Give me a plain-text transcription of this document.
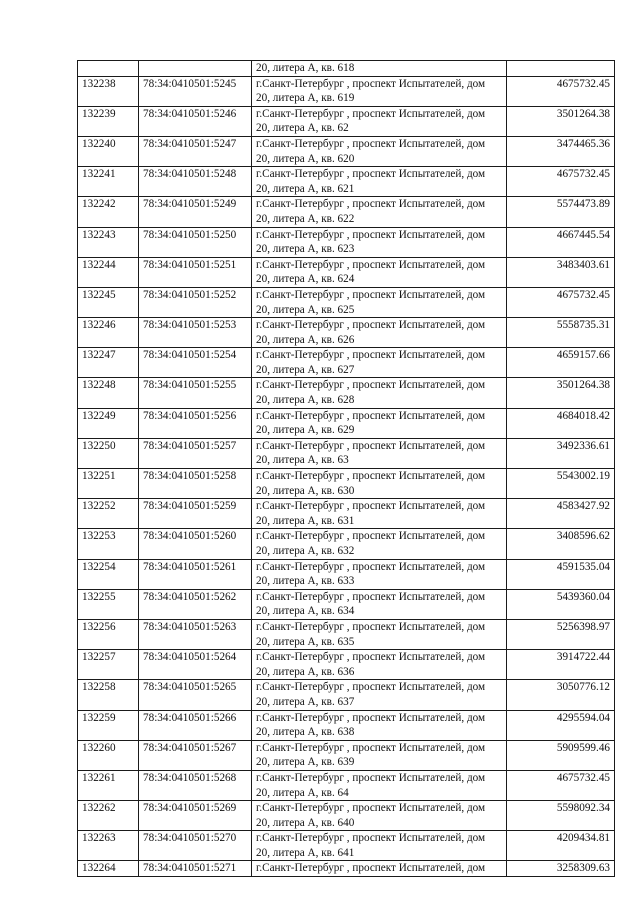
		20, литера А, кв. 618	

132238	78:34:0410501:5245	г.Санкт-Петербург , проспект Испытателей, дом
20, литера А, кв. 619	4675732.45
132239	78:34:0410501:5246	г.Санкт-Петербург , проспект Испытателей, дом
20, литера А, кв. 62	3501264.38
132240	78:34:0410501:5247	г.Санкт-Петербург , проспект Испытателей, дом
20, литера А, кв. 620	3474465.36
132241	78:34:0410501:5248	г.Санкт-Петербург , проспект Испытателей, дом
20, литера А, кв. 621	4675732.45
132242	78:34:0410501:5249	г.Санкт-Петербург , проспект Испытателей, дом
20, литера А, кв. 622	5574473.89
132243	78:34:0410501:5250	г.Санкт-Петербург , проспект Испытателей, дом
20, литера А, кв. 623	4667445.54
132244	78:34:0410501:5251	г.Санкт-Петербург , проспект Испытателей, дом
20, литера А, кв. 624	3483403.61
132245	78:34:0410501:5252	г.Санкт-Петербург , проспект Испытателей, дом
20, литера А, кв. 625	4675732.45
132246	78:34:0410501:5253	г.Санкт-Петербург , проспект Испытателей, дом
20, литера А, кв. 626	5558735.31
132247	78:34:0410501:5254	г.Санкт-Петербург , проспект Испытателей, дом
20, литера А, кв. 627	4659157.66
132248	78:34:0410501:5255	г.Санкт-Петербург , проспект Испытателей, дом
20, литера А, кв. 628	3501264.38
132249	78:34:0410501:5256	г.Санкт-Петербург , проспект Испытателей, дом
20, литера А, кв. 629	4684018.42
132250	78:34:0410501:5257	г.Санкт-Петербург , проспект Испытателей, дом
20, литера А, кв. 63	3492336.61
132251	78:34:0410501:5258	г.Санкт-Петербург , проспект Испытателей, дом
20, литера А, кв. 630	5543002.19
132252	78:34:0410501:5259	г.Санкт-Петербург , проспект Испытателей, дом
20, литера А, кв. 631	4583427.92
132253	78:34:0410501:5260	г.Санкт-Петербург , проспект Испытателей, дом
20, литера А, кв. 632	3408596.62
132254	78:34:0410501:5261	г.Санкт-Петербург , проспект Испытателей, дом
20, литера А, кв. 633	4591535.04
132255	78:34:0410501:5262	г.Санкт-Петербург , проспект Испытателей, дом
20, литера А, кв. 634	5439360.04
132256	78:34:0410501:5263	г.Санкт-Петербург , проспект Испытателей, дом
20, литера А, кв. 635	5256398.97
132257	78:34:0410501:5264	г.Санкт-Петербург , проспект Испытателей, дом
20, литера А, кв. 636	3914722.44
132258	78:34:0410501:5265	г.Санкт-Петербург , проспект Испытателей, дом
20, литера А, кв. 637	3050776.12
132259	78:34:0410501:5266	г.Санкт-Петербург , проспект Испытателей, дом
20, литера А, кв. 638	4295594.04
132260	78:34:0410501:5267	г.Санкт-Петербург , проспект Испытателей, дом
20, литера А, кв. 639	5909599.46
132261	78:34:0410501:5268	г.Санкт-Петербург , проспект Испытателей, дом
20, литера А, кв. 64	4675732.45
132262	78:34:0410501:5269	г.Санкт-Петербург , проспект Испытателей, дом
20, литера А, кв. 640	5598092.34
132263	78:34:0410501:5270	г.Санкт-Петербург , проспект Испытателей, дом
20, литера А, кв. 641	4209434.81
132264	78:34:0410501:5271	г.Санкт-Петербург , проспект Испытателей, дом	3258309.63
